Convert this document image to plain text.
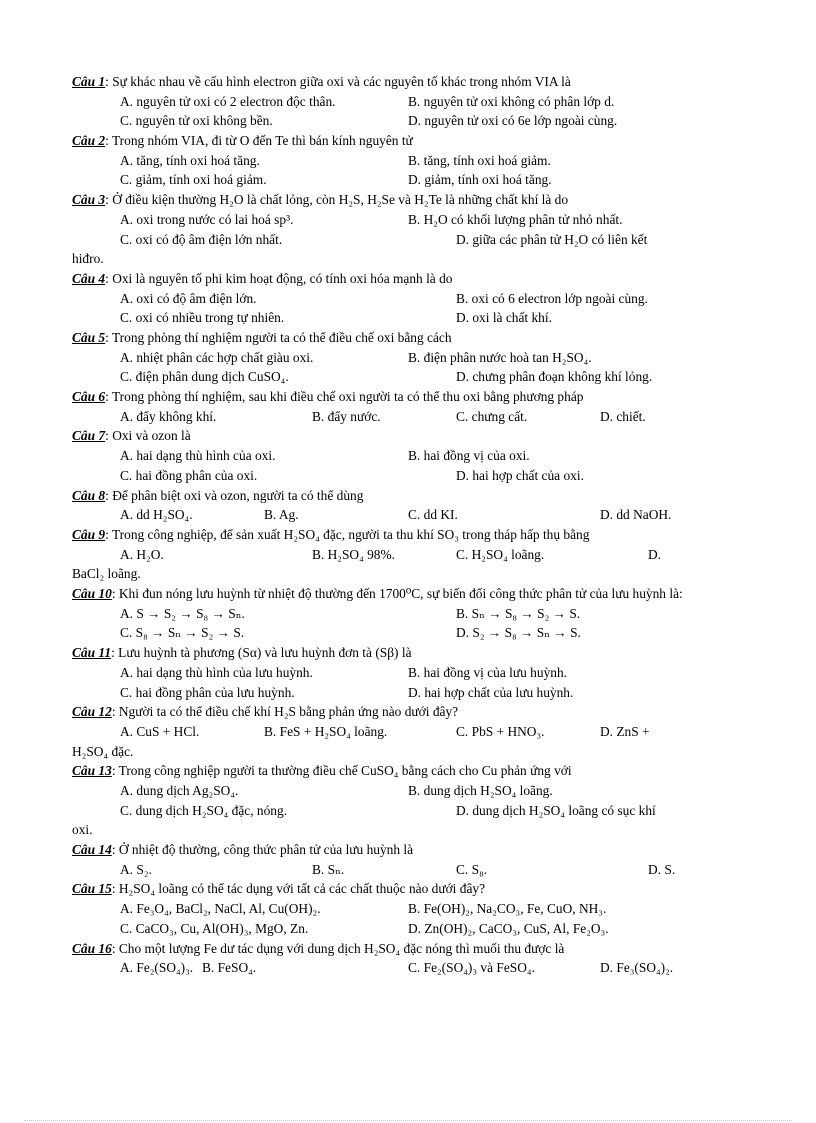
Câu 1: Sự khác nhau về cấu hình electron giữa oxi và các nguyên tố khác trong nhóm VIA là
A. nguyên tử oxi có 2 electron độc thân.	B. nguyên tử oxi không có phân lớp d.
C. nguyên tử oxi không bền.	D. nguyên tử oxi có 6e lớp ngoài cùng.
Câu 2: Trong nhóm VIA, đi từ O đến Te thì bán kính nguyên tử
A. tăng, tính oxi hoá tăng.	B. tăng, tính oxi hoá giảm.
C. giảm, tính oxi hoá giảm.	D. giảm, tính oxi hoá tăng.
Câu 3: Ở điều kiện thường H₂O là chất lỏng, còn H₂S, H₂Se và H₂Te là những chất khí là do
A. oxi trong nước có lai hoá sp³.	B. H₂O có khối lượng phân tử nhỏ nhất.
C. oxi có độ âm điện lớn nhất.	D. giữa các phân tử H₂O có liên kết
hiđro.
Câu 4: Oxi là nguyên tố phi kim hoạt động, có tính oxi hóa mạnh là do
A. oxi có độ âm điện lớn.	B. oxi có 6 electron lớp ngoài cùng.
C. oxi có nhiều trong tự nhiên.	D. oxi là chất khí.
Câu 5: Trong phòng thí nghiệm người ta có thể điều chế oxi bằng cách
A. nhiệt phân các hợp chất giàu oxi.	B. điện phân nước hoà tan H₂SO₄.
C. điện phân dung dịch CuSO₄.	D. chưng phân đoạn không khí lỏng.
Câu 6: Trong phòng thí nghiệm, sau khi điều chế oxi người ta có thể thu oxi bằng phương pháp
A. đẩy không khí.	B. đẩy nước.	C. chưng cất.	D. chiết.
Câu 7: Oxi và ozon là
A. hai dạng thù hình của oxi.	B. hai đồng vị của oxi.
C. hai đồng phân của oxi.	D. hai hợp chất của oxi.
Câu 8: Để phân biệt oxi và ozon, người ta có thể dùng
A. dd H₂SO₄.	B. Ag.	C. dd KI.	D. dd NaOH.
Câu 9: Trong công nghiệp, để sản xuất H₂SO₄ đặc, người ta thu khí SO₃ trong tháp hấp thụ bằng
A. H₂O.	B. H₂SO₄ 98%.	C. H₂SO₄ loãng.	D.
BaCl₂ loãng.
Câu 10: Khi đun nóng lưu huỳnh từ nhiệt độ thường đến 1700⁰C, sự biến đổi công thức phân tử của lưu huỳnh là:
A. S → S₂ → S₈ → Sₙ.	B. Sₙ → S₈ → S₂ → S.
C. S₈ → Sₙ → S₂ → S.	D. S₂ → S₈ → Sₙ → S.
Câu 11: Lưu huỳnh tà phương (Sα) và lưu huỳnh đơn tà (Sβ) là
A. hai dạng thù hình của lưu huỳnh.	B. hai đồng vị của lưu huỳnh.
C. hai đồng phân của lưu huỳnh.	D. hai hợp chất của lưu huỳnh.
Câu 12: Người ta có thể điều chế khí H₂S bằng phản ứng nào dưới đây?
A. CuS + HCl.	B. FeS + H₂SO₄ loãng.	C. PbS + HNO₃.	D. ZnS +
H₂SO₄ đặc.
Câu 13: Trong công nghiệp người ta thường điều chế CuSO₄ bằng cách cho Cu phản ứng với
A. dung dịch Ag₂SO₄.	B. dung dịch H₂SO₄ loãng.
C. dung dịch H₂SO₄ đặc, nóng.	D. dung dịch H₂SO₄ loãng có sục khí
oxi.
Câu 14: Ở nhiệt độ thường, công thức phân tử của lưu huỳnh là
A. S₂.	B. Sₙ.	C. S₈.	D. S.
Câu 15: H₂SO₄ loãng có thể tác dụng với tất cả các chất thuộc nào dưới đây?
A. Fe₃O₄, BaCl₂, NaCl, Al, Cu(OH)₂.	B. Fe(OH)₂, Na₂CO₃, Fe, CuO, NH₃.
C. CaCO₃, Cu, Al(OH)₃, MgO, Zn.	D. Zn(OH)₂, CaCO₃, CuS, Al, Fe₂O₃.
Câu 16: Cho một lượng Fe dư tác dụng với dung dịch H₂SO₄ đặc nóng thì muối thu được là
A. Fe₂(SO₄)₃. B. FeSO₄.	C. Fe₂(SO₄)₃ và FeSO₄.	D. Fe₃(SO₄)₂.
